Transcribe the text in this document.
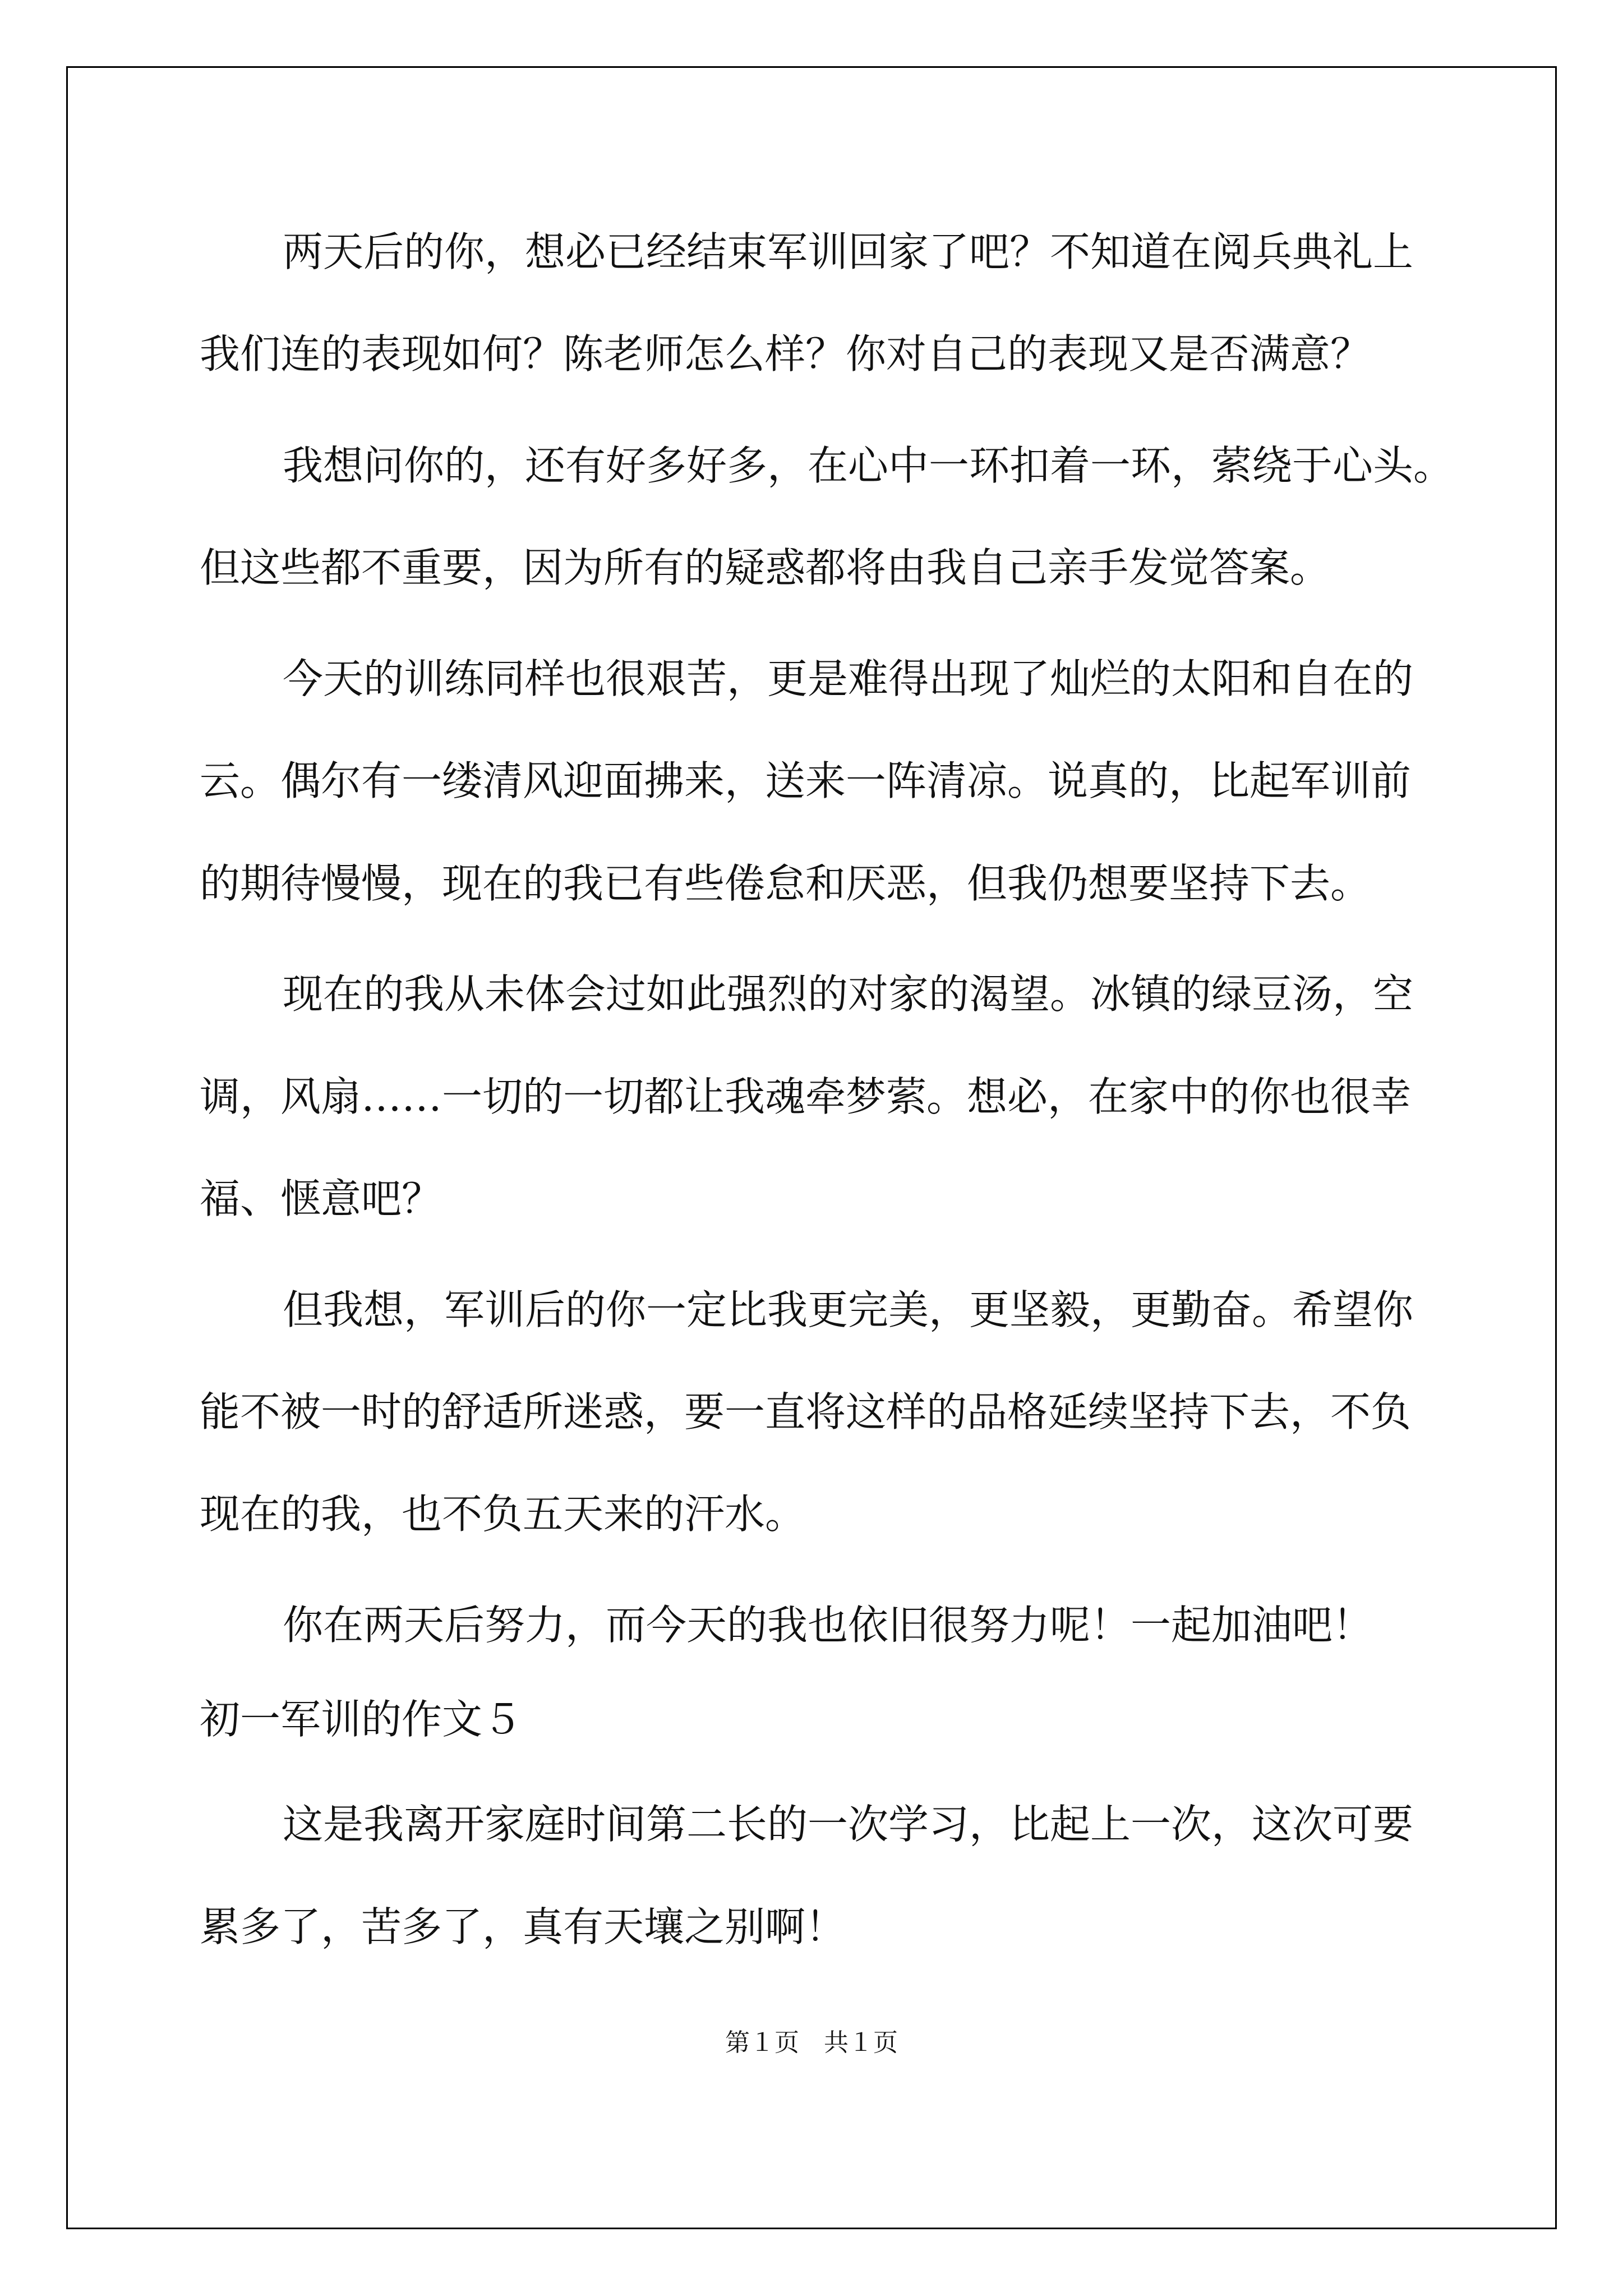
两天后的你，想必已经结束军训回家了吧？不知道在阅兵典礼上

我们连的表现如何？陈老师怎么样？你对自己的表现又是否满意？

我想问你的，还有好多好多，在心中一环扣着一环，萦绕于心头。

但这些都不重要，因为所有的疑惑都将由我自己亲手发觉答案。

今天的训练同样也很艰苦，更是难得出现了灿烂的太阳和自在的

云。偶尔有一缕清风迎面拂来，送来一阵清凉。说真的，比起军训前

的期待慢慢，现在的我已有些倦怠和厌恶，但我仍想要坚持下去。

现在的我从未体会过如此强烈的对家的渴望。冰镇的绿豆汤，空

调，风扇……一切的一切都让我魂牵梦萦。想必，在家中的你也很幸

福、惬意吧？

但我想，军训后的你一定比我更完美，更坚毅，更勤奋。希望你

能不被一时的舒适所迷惑，要一直将这样的品格延续坚持下去，不负

现在的我，也不负五天来的汗水。

你在两天后努力，而今天的我也依旧很努力呢！一起加油吧！

初一军训的作文５

这是我离开家庭时间第二长的一次学习，比起上一次，这次可要

累多了，苦多了，真有天壤之别啊！

第１页　共１页
